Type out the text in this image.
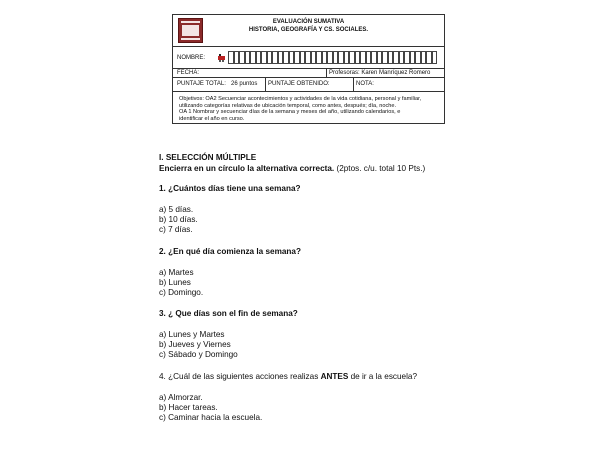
EVALUACIÓN SUMATIVA
HISTORIA, GEOGRAFÍA Y CS. SOCIALES.
NOMBRE:
FECHA:	Profesoras: Karen Manríquez Romero
PUNTAJE TOTAL: 26 puntos PUNTAJE OBTENIDO:	NOTA:
Objetivos: OA2 Secuenciar acontecimientos y actividades de la vida cotidiana, personal y familiar,
utilizando categorías relativas de ubicación temporal, como antes, después; día, noche.
OA 1 Nombrar y secuenciar días de la semana y meses del año, utilizando calendarios, e
identificar el año en curso.
I. SELECCIÓN MÚLTIPLE
Encierra en un círculo la alternativa correcta. (2ptos. c/u. total 10 Pts.)
1. ¿Cuántos días tiene una semana?
a) 5 días.
b) 10 días.
c) 7 días.
2. ¿En qué día comienza la semana?
a) Martes
b) Lunes
c) Domingo.
3. ¿ Que días son el fin de semana?
a) Lunes y Martes
b) Jueves y Viernes
c) Sábado y Domingo
4. ¿Cuál de las siguientes acciones realizas ANTES de ir a la escuela?
a) Almorzar.
b) Hacer tareas.
c) Caminar hacia la escuela.
